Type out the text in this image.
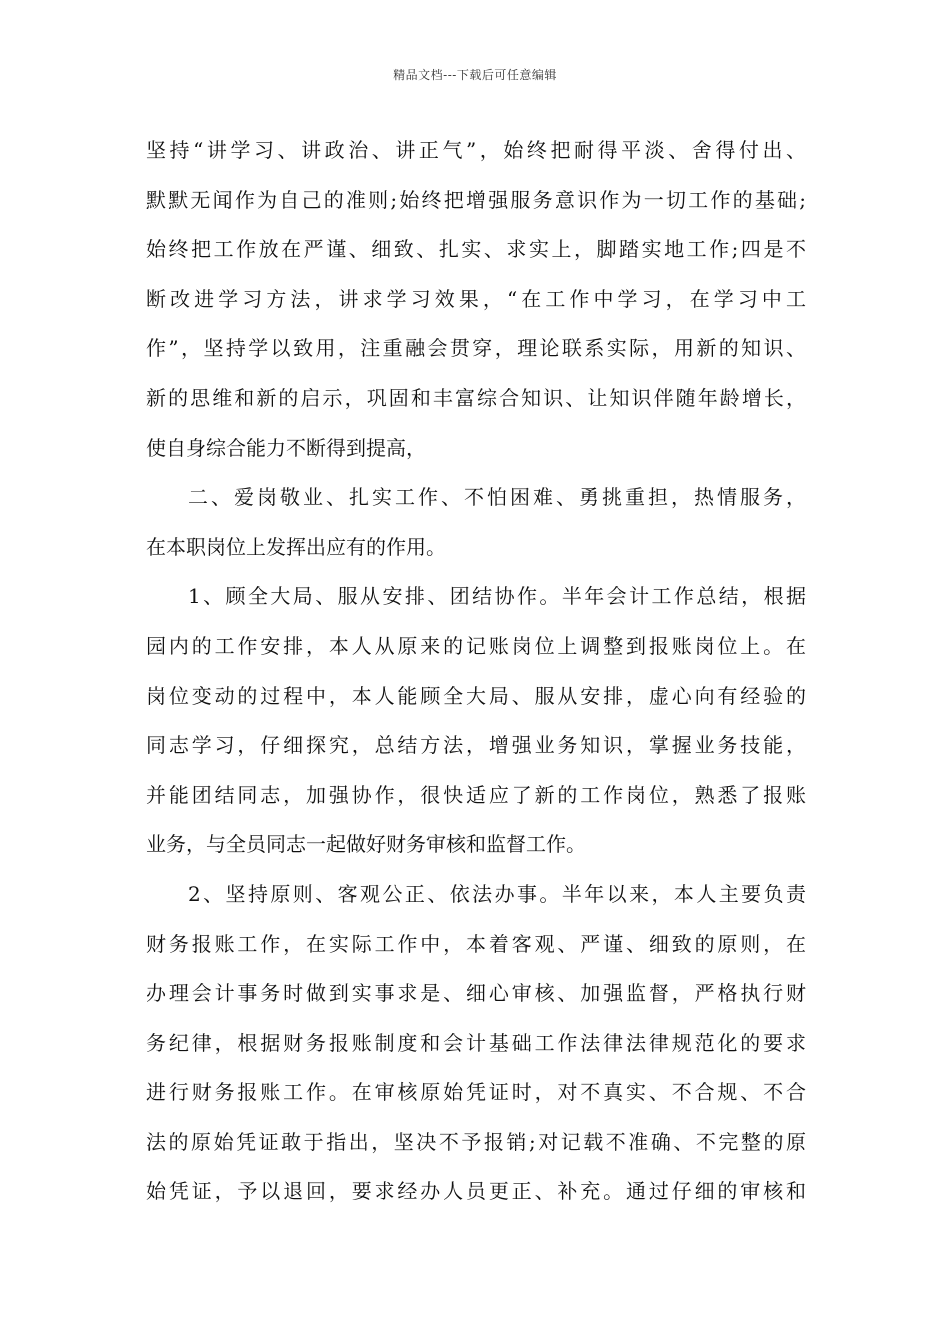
精品文档---下载后可任意编辑
坚持“讲学习、讲政治、讲正气”，始终把耐得平淡、舍得付出、
默默无闻作为自己的准则;始终把增强服务意识作为一切工作的基础;
始终把工作放在严谨、细致、扎实、求实上，脚踏实地工作;四是不
断改进学习方法，讲求学习效果，“在工作中学习，在学习中工
作”，坚持学以致用，注重融会贯穿，理论联系实际，用新的知识、
新的思维和新的启示，巩固和丰富综合知识、让知识伴随年龄增长，
使自身综合能力不断得到提高，
二、爱岗敬业、扎实工作、不怕困难、勇挑重担，热情服务，
在本职岗位上发挥出应有的作用。
1、顾全大局、服从安排、团结协作。半年会计工作总结，根据
园内的工作安排，本人从原来的记账岗位上调整到报账岗位上。在
岗位变动的过程中，本人能顾全大局、服从安排，虚心向有经验的
同志学习，仔细探究，总结方法，增强业务知识，掌握业务技能，
并能团结同志，加强协作，很快适应了新的工作岗位，熟悉了报账
业务，与全员同志一起做好财务审核和监督工作。
2、坚持原则、客观公正、依法办事。半年以来，本人主要负责
财务报账工作，在实际工作中，本着客观、严谨、细致的原则，在
办理会计事务时做到实事求是、细心审核、加强监督，严格执行财
务纪律，根据财务报账制度和会计基础工作法律法律规范化的要求
进行财务报账工作。在审核原始凭证时，对不真实、不合规、不合
法的原始凭证敢于指出，坚决不予报销;对记载不准确、不完整的原
始凭证，予以退回，要求经办人员更正、补充。通过仔细的审核和
